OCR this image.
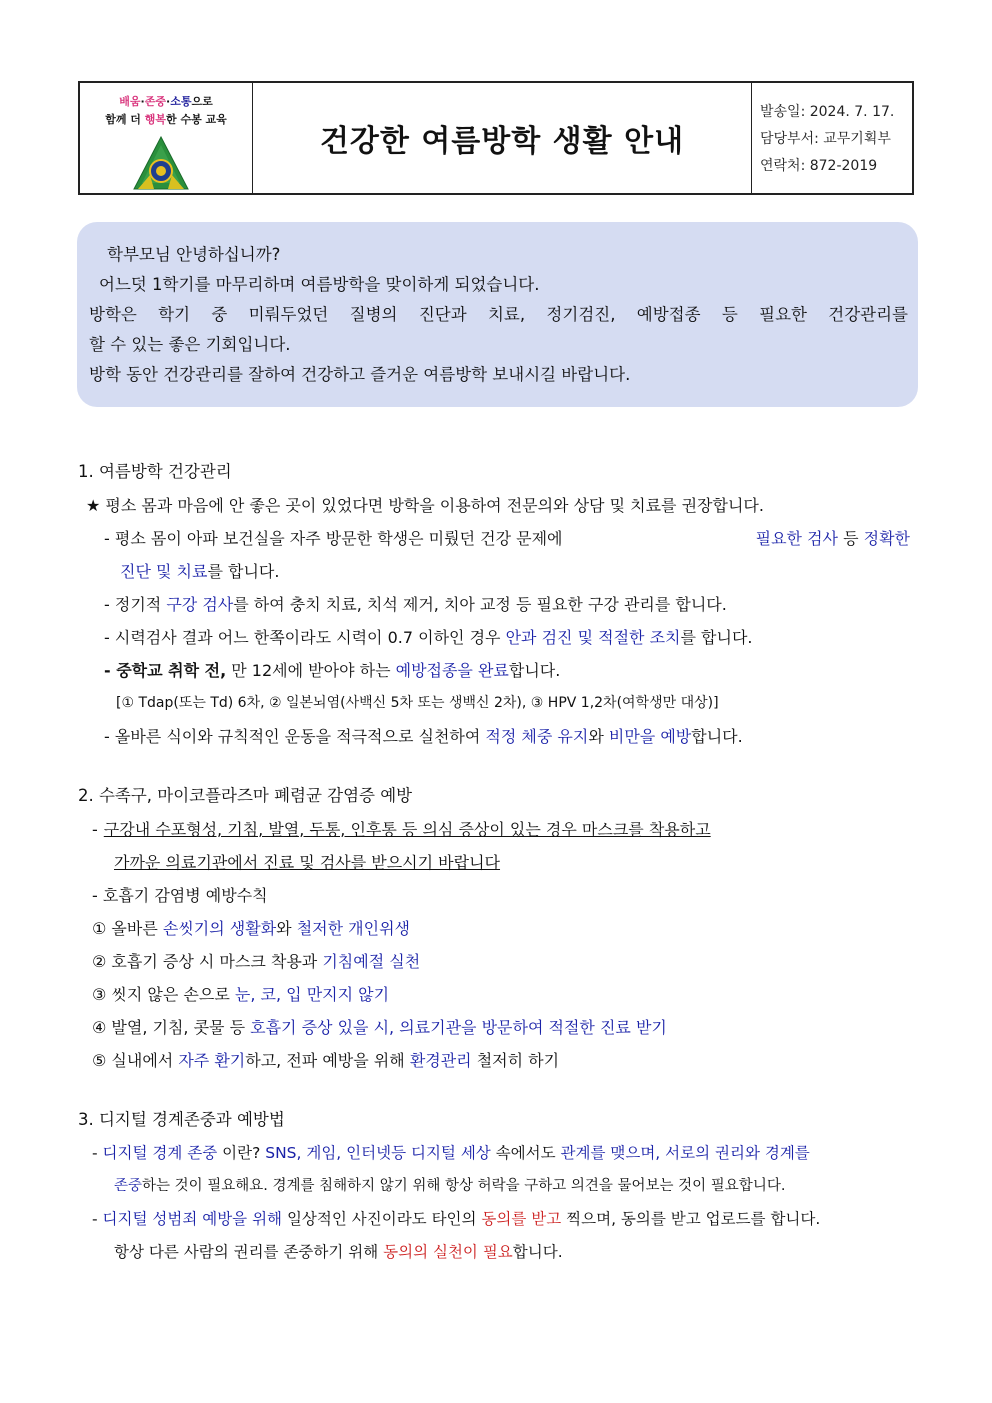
배움·존중·소통으로
함께 더 행복한 수봉 교육
건강한 여름방학 생활 안내
발송일: 2024. 7. 17.
담당부서: 교무기획부
연락처: 872-2019

학부모님 안녕하십니까?

어느덧 1학기를 마무리하며 여름방학을 맞이하게 되었습니다.

방학은 학기 중 미뤄두었던 질병의 진단과 치료, 정기검진, 예방접종 등 필요한 건강관리를

할 수 있는 좋은 기회입니다.

방학 동안 건강관리를 잘하여 건강하고 즐거운 여름방학 보내시길 바랍니다.

1. 여름방학 건강관리
★ 평소 몸과 마음에 안 좋은 곳이 있었다면 방학을 이용하여 전문의와 상담 및 치료를 권장합니다.
- 평소 몸이 아파 보건실을 자주 방문한 학생은 미뤘던 건강 문제에	필요한 검사 등 정확한
진단 및 치료를 합니다.
- 정기적 구강 검사를 하여 충치 치료, 치석 제거, 치아 교정 등 필요한 구강 관리를 합니다.
- 시력검사 결과 어느 한쪽이라도 시력이 0.7 이하인 경우 안과 검진 및 적절한 조치를 합니다.
- 중학교 취학 전, 만 12세에 받아야 하는 예방접종을 완료합니다.
[① Tdap(또는 Td) 6차, ② 일본뇌염(사백신 5차 또는 생백신 2차), ③ HPV 1,2차(여학생만 대상)]
- 올바른 식이와 규칙적인 운동을 적극적으로 실천하여 적정 체중 유지와 비만을 예방합니다.
2. 수족구, 마이코플라즈마 폐렴균 감염증 예방
- 구강내 수포형성, 기침, 발열, 두통, 인후통 등 의심 증상이 있는 경우 마스크를 착용하고
가까운 의료기관에서 진료 및 검사를 받으시기 바랍니다
- 호흡기 감염병 예방수칙
① 올바른 손씻기의 생활화와 철저한 개인위생
② 호흡기 증상 시 마스크 착용과 기침예절 실천
③ 씻지 않은 손으로 눈, 코, 입 만지지 않기
④ 발열, 기침, 콧물 등 호흡기 증상 있을 시, 의료기관을 방문하여 적절한 진료 받기
⑤ 실내에서 자주 환기하고, 전파 예방을 위해 환경관리 철저히 하기
3. 디지털 경계존중과 예방법
- 디지털 경계 존중 이란? SNS, 게임, 인터넷등 디지털 세상 속에서도 관계를 맺으며, 서로의 권리와 경계를
존중하는 것이 필요해요. 경계를 침해하지 않기 위해 항상 허락을 구하고 의견을 물어보는 것이 필요합니다.
- 디지털 성범죄 예방을 위해 일상적인 사진이라도 타인의 동의를 받고 찍으며, 동의를 받고 업로드를 합니다.
항상 다른 사람의 권리를 존중하기 위해 동의의 실천이 필요합니다.
